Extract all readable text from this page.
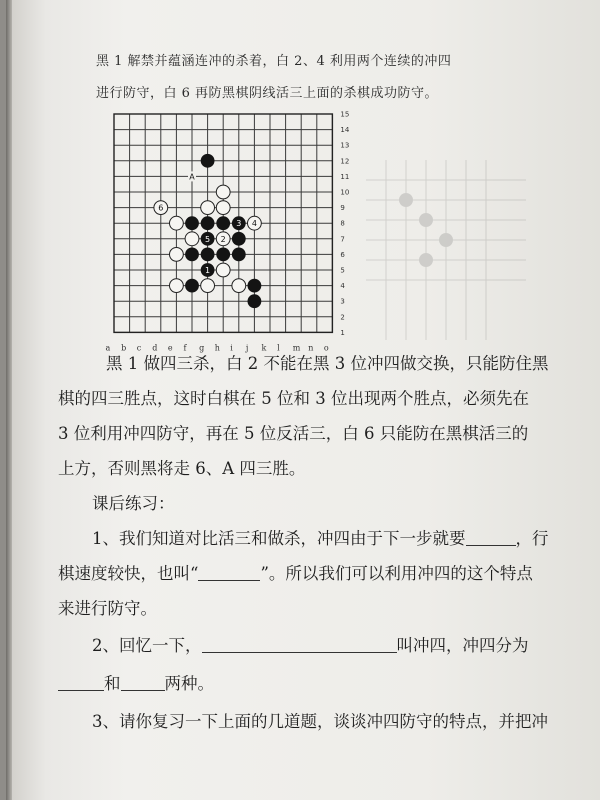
黑 1 解禁并蕴涵连冲的杀着，白 2、4 利用两个连续的冲四
进行防守，白 6 再防黑棋阴线活三上面的杀棋成功防守。
15
14
13
12
11
10
9
8
7
6
5
4
3
2
1
a b c d e f g h i j k l m n o
3
5
1
6
4
2
A
黑 1 做四三杀，白 2 不能在黑 3 位冲四做交换，只能防住黑
棋的四三胜点，这时白棋在 5 位和 3 位出现两个胜点，必须先在
3 位利用冲四防守，再在 5 位反活三，白 6 只能防在黑棋活三的
上方，否则黑将走 6、A 四三胜。
课后练习：
1、我们知道对比活三和做杀，冲四由于下一步就要	，行
棋速度较快，也叫“	”。所以我们可以利用冲四的这个特点
来进行防守。
2、回忆一下，	叫冲四，冲四分为
和	两种。
3、请你复习一下上面的几道题，谈谈冲四防守的特点，并把冲
